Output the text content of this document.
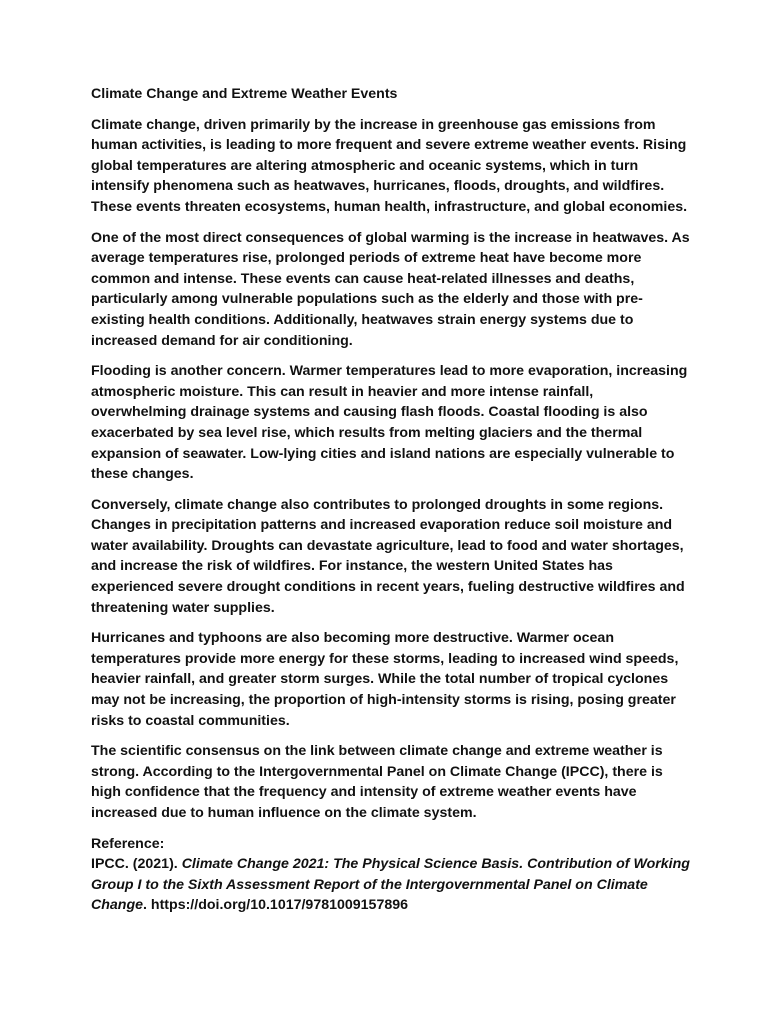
Climate Change and Extreme Weather Events

Climate change, driven primarily by the increase in greenhouse gas emissions from human activities, is leading to more frequent and severe extreme weather events. Rising global temperatures are altering atmospheric and oceanic systems, which in turn intensify phenomena such as heatwaves, hurricanes, floods, droughts, and wildfires. These events threaten ecosystems, human health, infrastructure, and global economies.

One of the most direct consequences of global warming is the increase in heatwaves. As average temperatures rise, prolonged periods of extreme heat have become more common and intense. These events can cause heat-related illnesses and deaths, particularly among vulnerable populations such as the elderly and those with pre-existing health conditions. Additionally, heatwaves strain energy systems due to increased demand for air conditioning.

Flooding is another concern. Warmer temperatures lead to more evaporation, increasing atmospheric moisture. This can result in heavier and more intense rainfall, overwhelming drainage systems and causing flash floods. Coastal flooding is also exacerbated by sea level rise, which results from melting glaciers and the thermal expansion of seawater. Low-lying cities and island nations are especially vulnerable to these changes.

Conversely, climate change also contributes to prolonged droughts in some regions. Changes in precipitation patterns and increased evaporation reduce soil moisture and water availability. Droughts can devastate agriculture, lead to food and water shortages, and increase the risk of wildfires. For instance, the western United States has experienced severe drought conditions in recent years, fueling destructive wildfires and threatening water supplies.

Hurricanes and typhoons are also becoming more destructive. Warmer ocean temperatures provide more energy for these storms, leading to increased wind speeds, heavier rainfall, and greater storm surges. While the total number of tropical cyclones may not be increasing, the proportion of high-intensity storms is rising, posing greater risks to coastal communities.

The scientific consensus on the link between climate change and extreme weather is strong. According to the Intergovernmental Panel on Climate Change (IPCC), there is high confidence that the frequency and intensity of extreme weather events have increased due to human influence on the climate system.

Reference:

IPCC. (2021). Climate Change 2021: The Physical Science Basis. Contribution of Working Group I to the Sixth Assessment Report of the Intergovernmental Panel on Climate Change. https://doi.org/10.1017/9781009157896
